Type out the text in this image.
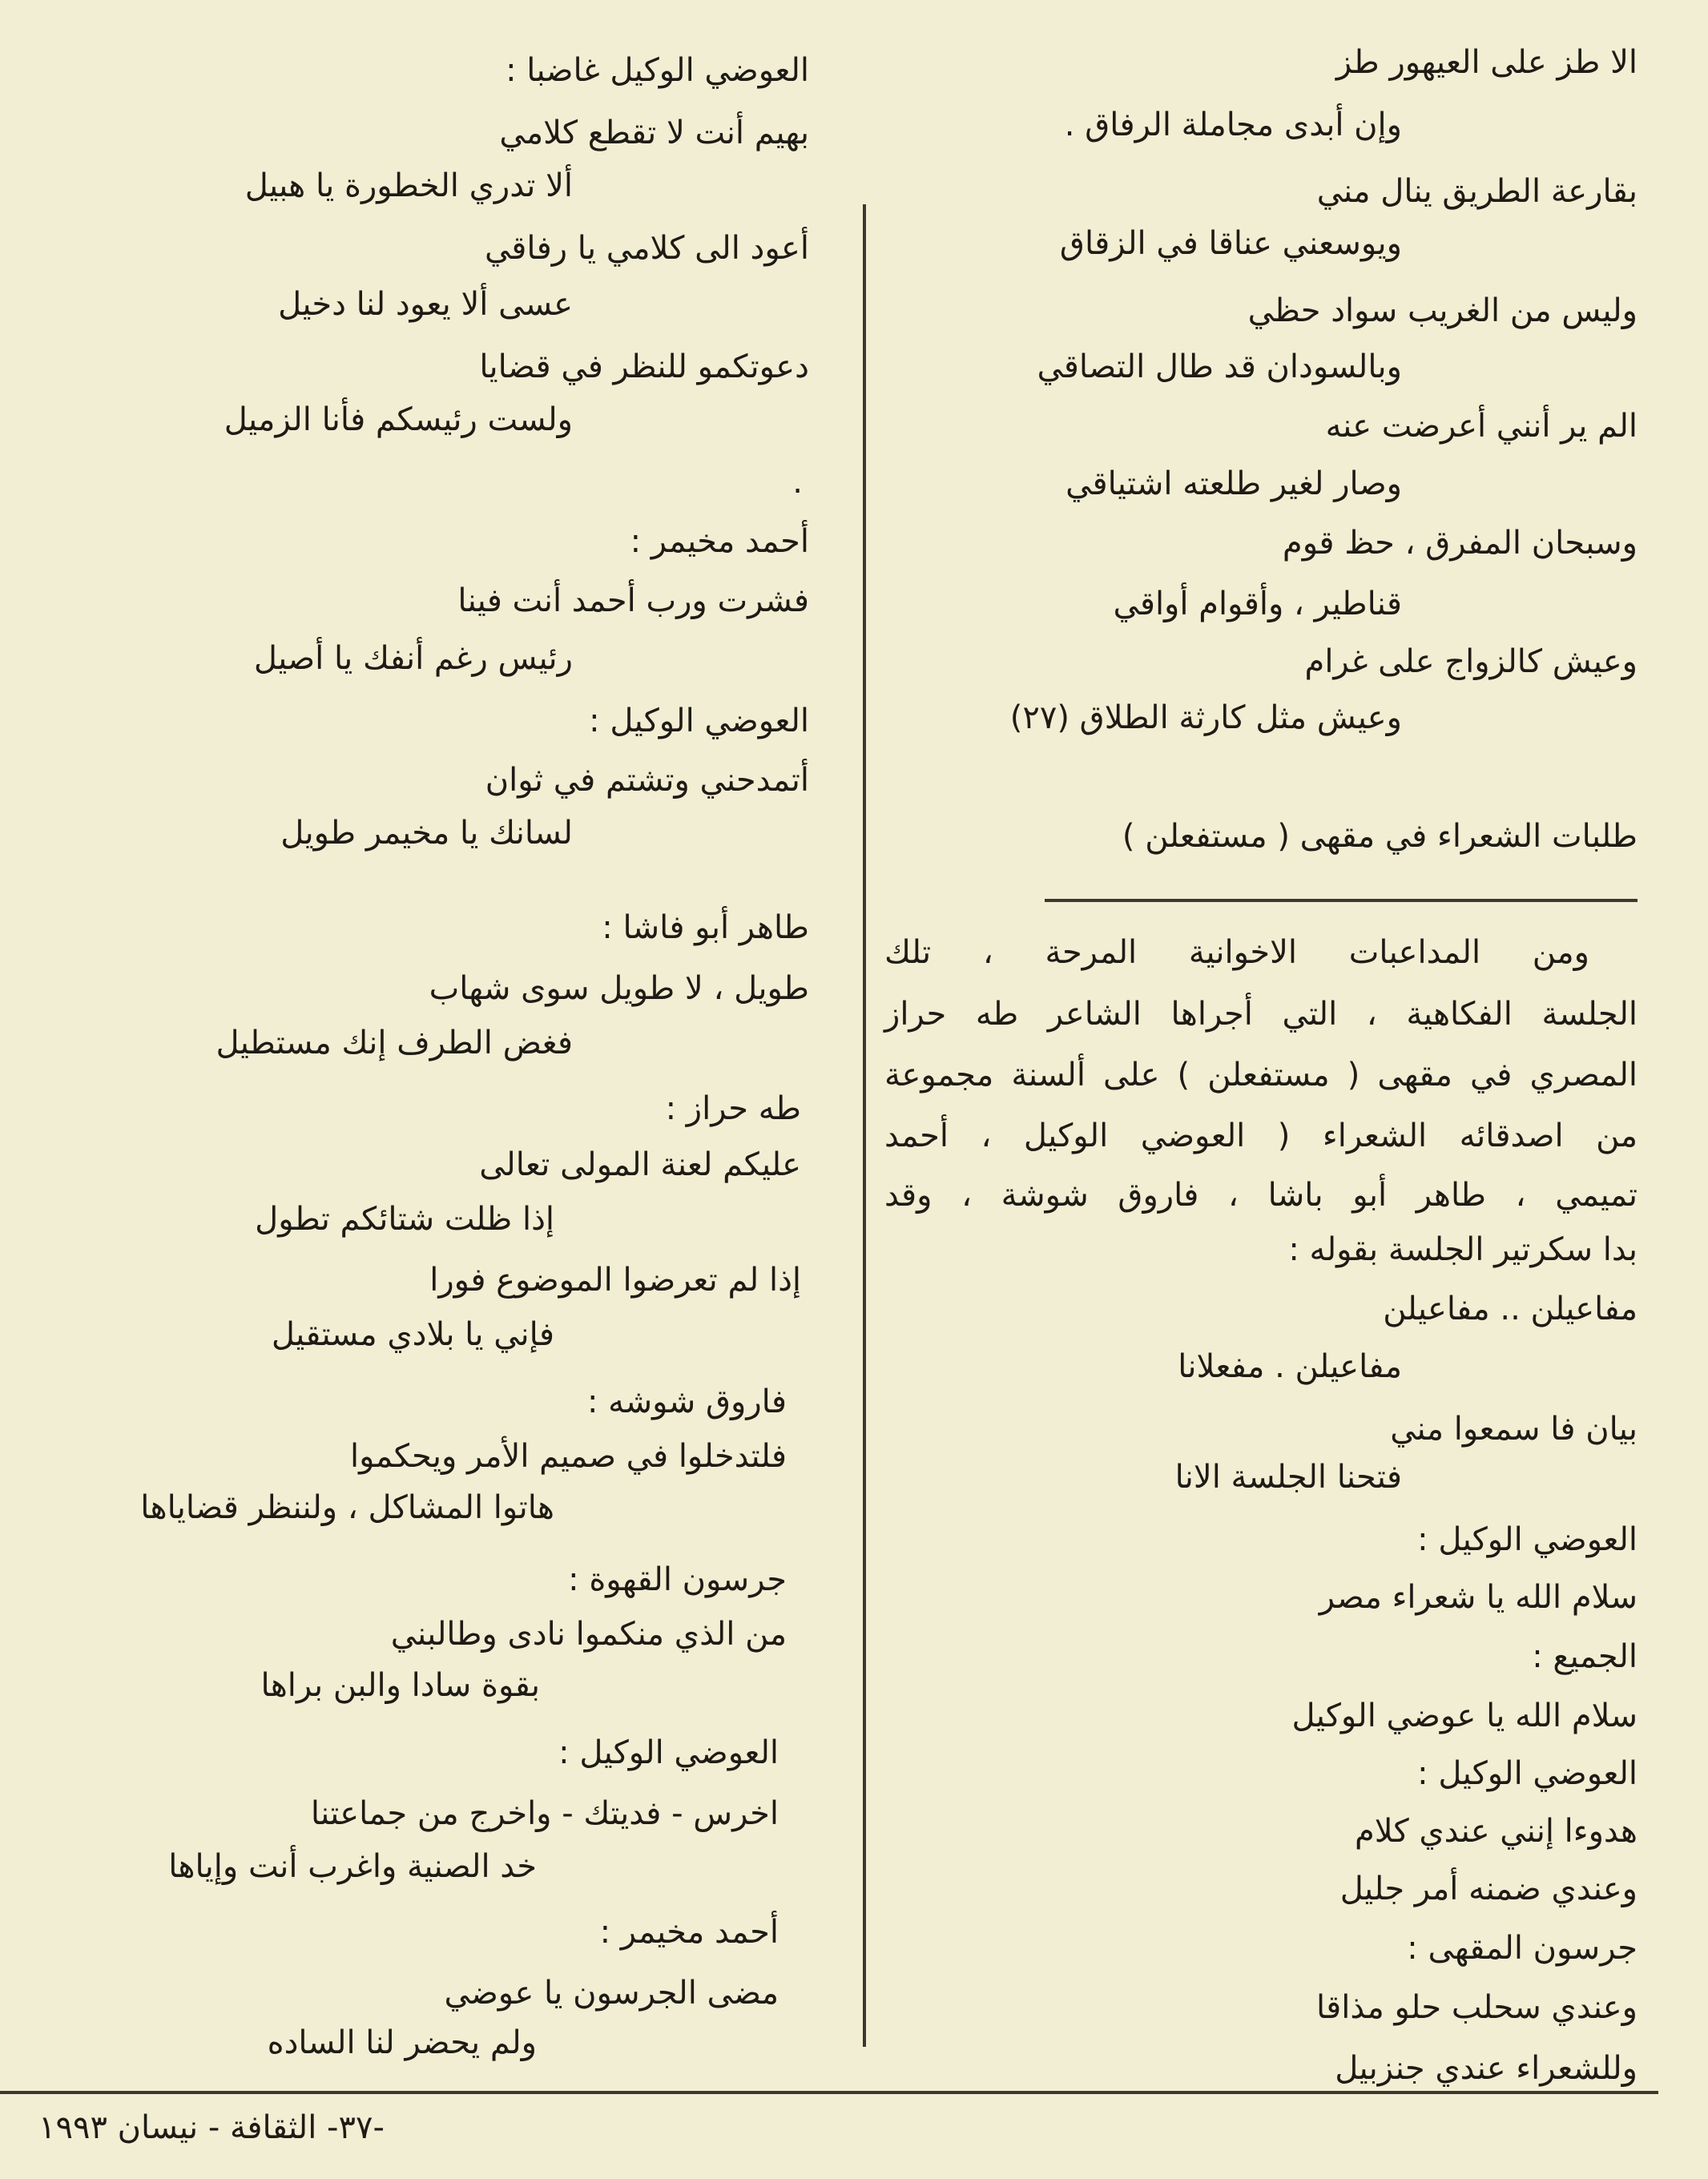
الا طز على العيهور طز
وإن أبدى مجاملة الرفاق .
بقارعة الطريق ينال مني
ويوسعني عناقا في الزقاق
وليس من الغريب سواد حظي
وبالسودان قد طال التصاقي
الم ير أنني أعرضت عنه
وصار لغير طلعته اشتياقي
وسبحان المفرق ، حظ قوم
قناطير ، وأقوام أواقي
وعيش كالزواج على غرام
وعيش مثل كارثة الطلاق (٢٧)
طلبات الشعراء في مقهى ( مستفعلن )
ومن المداعبات الاخوانية المرحة ، تلك
الجلسة الفكاهية ، التي أجراها الشاعر طه حراز
المصري في مقهى ( مستفعلن ) على ألسنة مجموعة
من اصدقائه الشعراء ( العوضي الوكيل ، أحمد
تميمي ، طاهر أبو باشا ، فاروق شوشة ، وقد
بدا سكرتير الجلسة بقوله :
مفاعيلن .. مفاعيلن
مفاعيلن . مفعلانا
بيان فا سمعوا مني
فتحنا الجلسة الانا
العوضي الوكيل :
سلام الله يا شعراء مصر
الجميع :
سلام الله يا عوضي الوكيل
العوضي الوكيل :
هدوءا إنني عندي كلام
وعندي ضمنه أمر جليل
جرسون المقهى :
وعندي سحلب حلو مذاقا
وللشعراء عندي جنزبيل
العوضي الوكيل غاضبا :
بهيم أنت لا تقطع كلامي
ألا تدري الخطورة يا هبيل
أعود الى كلامي يا رفاقي
عسى ألا يعود لنا دخيل
دعوتكمو للنظر في قضايا
ولست رئيسكم فأنا الزميل
.
أحمد مخيمر :
فشرت ورب أحمد أنت فينا
رئيس رغم أنفك يا أصيل
العوضي الوكيل :
أتمدحني وتشتم في ثوان
لسانك يا مخيمر طويل
طاهر أبو فاشا :
طويل ، لا طويل سوى شهاب
فغض الطرف إنك مستطيل
طه حراز :
عليكم لعنة المولى تعالى
إذا ظلت شتائكم تطول
إذا لم تعرضوا الموضوع فورا
فإني يا بلادي مستقيل
فاروق شوشه :
فلتدخلوا في صميم الأمر ويحكموا
هاتوا المشاكل ، ولننظر قضاياها
جرسون القهوة :
من الذي منكموا نادى وطالبني
بقوة سادا والبن براها
العوضي الوكيل :
اخرس - فديتك - واخرج من جماعتنا
خد الصنية واغرب أنت وإياها
أحمد مخيمر :
مضى الجرسون يا عوضي
ولم يحضر لنا الساده
-٣٧- الثقافة - نيسان ١٩٩٣
